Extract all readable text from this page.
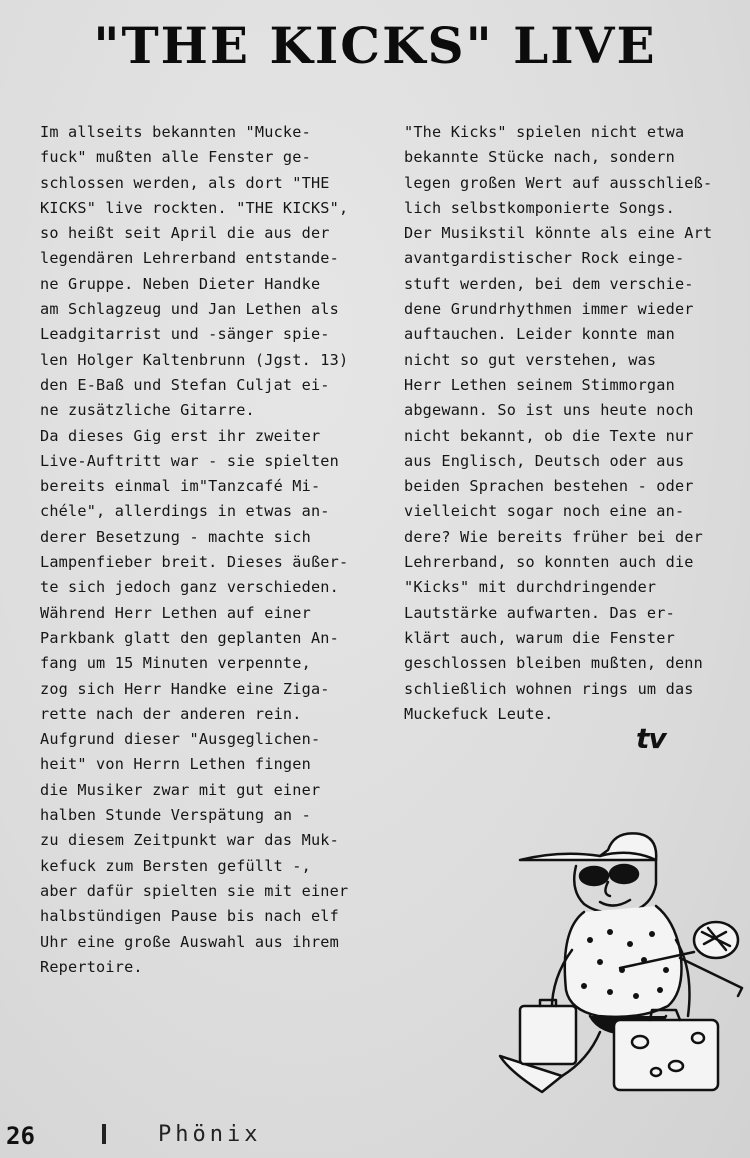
"THE KICKS" LIVE
Im allseits bekannten "Mucke-
fuck" mußten alle Fenster ge-
schlossen werden, als dort "THE
KICKS" live rockten. "THE KICKS",
so heißt seit April die aus der
legendären Lehrerband entstande-
ne Gruppe. Neben Dieter Handke
am Schlagzeug und Jan Lethen als
Leadgitarrist und -sänger spie-
len Holger Kaltenbrunn (Jgst. 13)
den E-Baß und Stefan Culjat ei-
ne zusätzliche Gitarre.
Da dieses Gig erst ihr zweiter
Live-Auftritt war - sie spielten
bereits einmal im"Tanzcafé Mi-
chéle", allerdings in etwas an-
derer Besetzung - machte sich
Lampenfieber breit. Dieses äußer-
te sich jedoch ganz verschieden.
Während Herr Lethen auf einer
Parkbank glatt den geplanten An-
fang um 15 Minuten verpennte,
zog sich Herr Handke eine Ziga-
rette nach der anderen rein.
Aufgrund dieser "Ausgeglichen-
heit" von Herrn Lethen fingen
die Musiker zwar mit gut einer
halben Stunde Verspätung an -
zu diesem Zeitpunkt war das Muk-
kefuck zum Bersten gefüllt -,
aber dafür spielten sie mit einer
halbstündigen Pause bis nach elf
Uhr eine große Auswahl aus ihrem
Repertoire.
"The Kicks" spielen nicht etwa
bekannte Stücke nach, sondern
legen großen Wert auf ausschließ-
lich selbstkomponierte Songs.
Der Musikstil könnte als eine Art
avantgardistischer Rock einge-
stuft werden, bei dem verschie-
dene Grundrhythmen immer wieder
auftauchen. Leider konnte man
nicht so gut verstehen, was
Herr Lethen seinem Stimmorgan
abgewann. So ist uns heute noch
nicht bekannt, ob die Texte nur
aus Englisch, Deutsch oder aus
beiden Sprachen bestehen - oder
vielleicht sogar noch eine an-
dere? Wie bereits früher bei der
Lehrerband, so konnten auch die
"Kicks" mit durchdringender
Lautstärke aufwarten. Das er-
klärt auch, warum die Fenster
geschlossen bleiben mußten, denn
schließlich wohnen rings um das
Muckefuck Leute.
tv
26	Phönix
